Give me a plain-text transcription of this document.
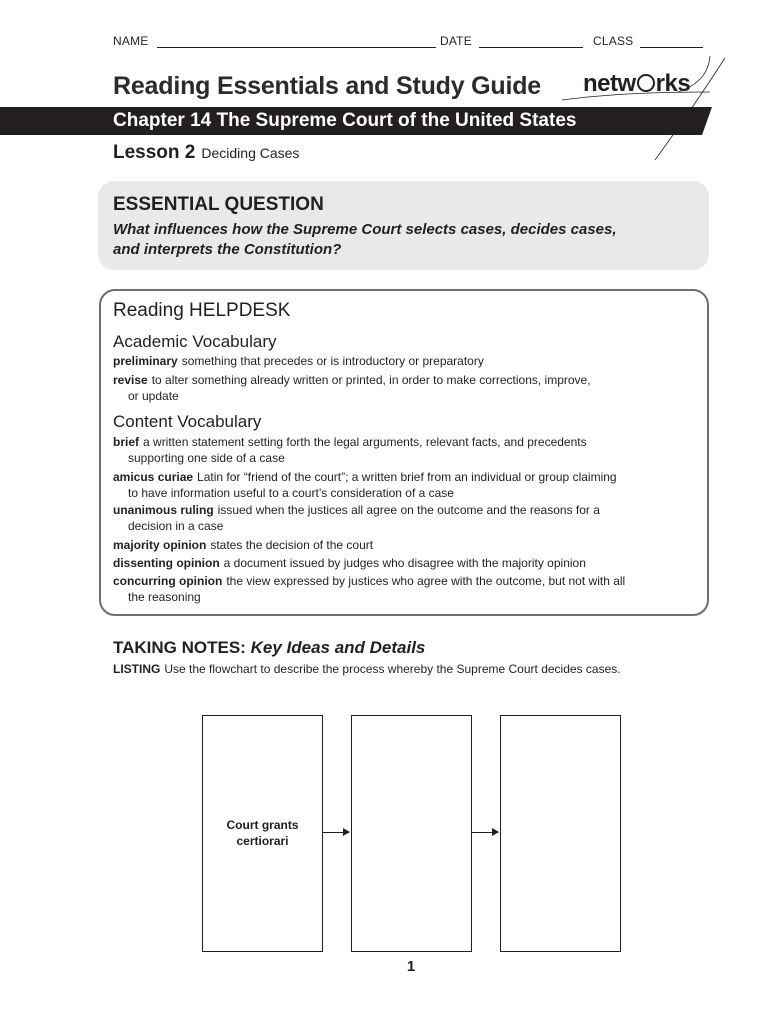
NAME	DATE	CLASS
Reading Essentials and Study Guide netw rks
Chapter 14 The Supreme Court of the United States
Lesson 2 Deciding Cases
ESSENTIAL QUESTION
What influences how the Supreme Court selects cases, decides cases,
and interprets the Constitution?
Reading HELPDESK
Academic Vocabulary
preliminary something that precedes or is introductory or preparatory
revise to alter something already written or printed, in order to make corrections, improve,
or update
Content Vocabulary
brief a written statement setting forth the legal arguments, relevant facts, and precedents
supporting one side of a case
amicus curiae Latin for “friend of the court”; a written brief from an individual or group claiming
to have information useful to a court’s consideration of a case
unanimous ruling issued when the justices all agree on the outcome and the reasons for a
decision in a case
majority opinion states the decision of the court
dissenting opinion a document issued by judges who disagree with the majority opinion
concurring opinion the view expressed by justices who agree with the outcome, but not with all
the reasoning
TAKING NOTES: Key Ideas and Details
LISTING Use the flowchart to describe the process whereby the Supreme Court decides cases.
Court grants
certiorari
1
